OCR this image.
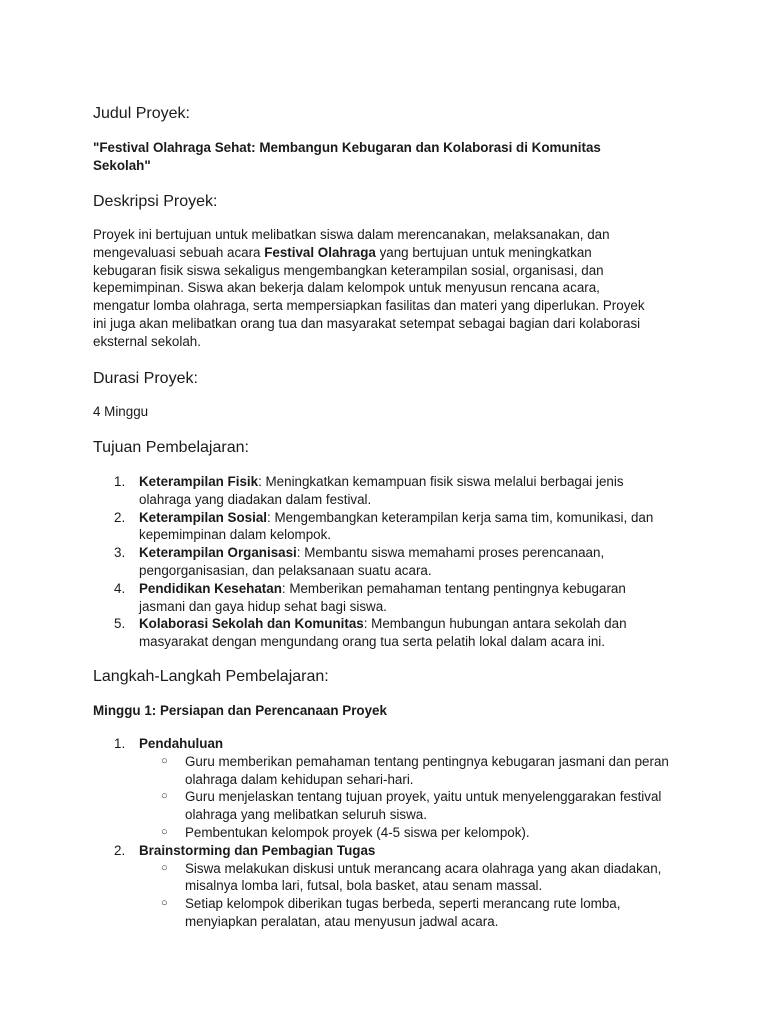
Judul Proyek:

"Festival Olahraga Sehat: Membangun Kebugaran dan Kolaborasi di Komunitas Sekolah"

Deskripsi Proyek:

Proyek ini bertujuan untuk melibatkan siswa dalam merencanakan, melaksanakan, dan mengevaluasi sebuah acara Festival Olahraga yang bertujuan untuk meningkatkan kebugaran fisik siswa sekaligus mengembangkan keterampilan sosial, organisasi, dan kepemimpinan. Siswa akan bekerja dalam kelompok untuk menyusun rencana acara, mengatur lomba olahraga, serta mempersiapkan fasilitas dan materi yang diperlukan. Proyek ini juga akan melibatkan orang tua dan masyarakat setempat sebagai bagian dari kolaborasi eksternal sekolah.

Durasi Proyek:

4 Minggu

Tujuan Pembelajaran:
1. Keterampilan Fisik: Meningkatkan kemampuan fisik siswa melalui berbagai jenis olahraga yang diadakan dalam festival.
2. Keterampilan Sosial: Mengembangkan keterampilan kerja sama tim, komunikasi, dan kepemimpinan dalam kelompok.
3. Keterampilan Organisasi: Membantu siswa memahami proses perencanaan, pengorganisasian, dan pelaksanaan suatu acara.
4. Pendidikan Kesehatan: Memberikan pemahaman tentang pentingnya kebugaran jasmani dan gaya hidup sehat bagi siswa.
5. Kolaborasi Sekolah dan Komunitas: Membangun hubungan antara sekolah dan masyarakat dengan mengundang orang tua serta pelatih lokal dalam acara ini.
Langkah-Langkah Pembelajaran:

Minggu 1: Persiapan dan Perencanaan Proyek

1. Pendahuluan
○ Guru memberikan pemahaman tentang pentingnya kebugaran jasmani dan peran olahraga dalam kehidupan sehari-hari.
○ Guru menjelaskan tentang tujuan proyek, yaitu untuk menyelenggarakan festival olahraga yang melibatkan seluruh siswa.
○ Pembentukan kelompok proyek (4-5 siswa per kelompok).
2. Brainstorming dan Pembagian Tugas
○ Siswa melakukan diskusi untuk merancang acara olahraga yang akan diadakan, misalnya lomba lari, futsal, bola basket, atau senam massal.
○ Setiap kelompok diberikan tugas berbeda, seperti merancang rute lomba, menyiapkan peralatan, atau menyusun jadwal acara.
